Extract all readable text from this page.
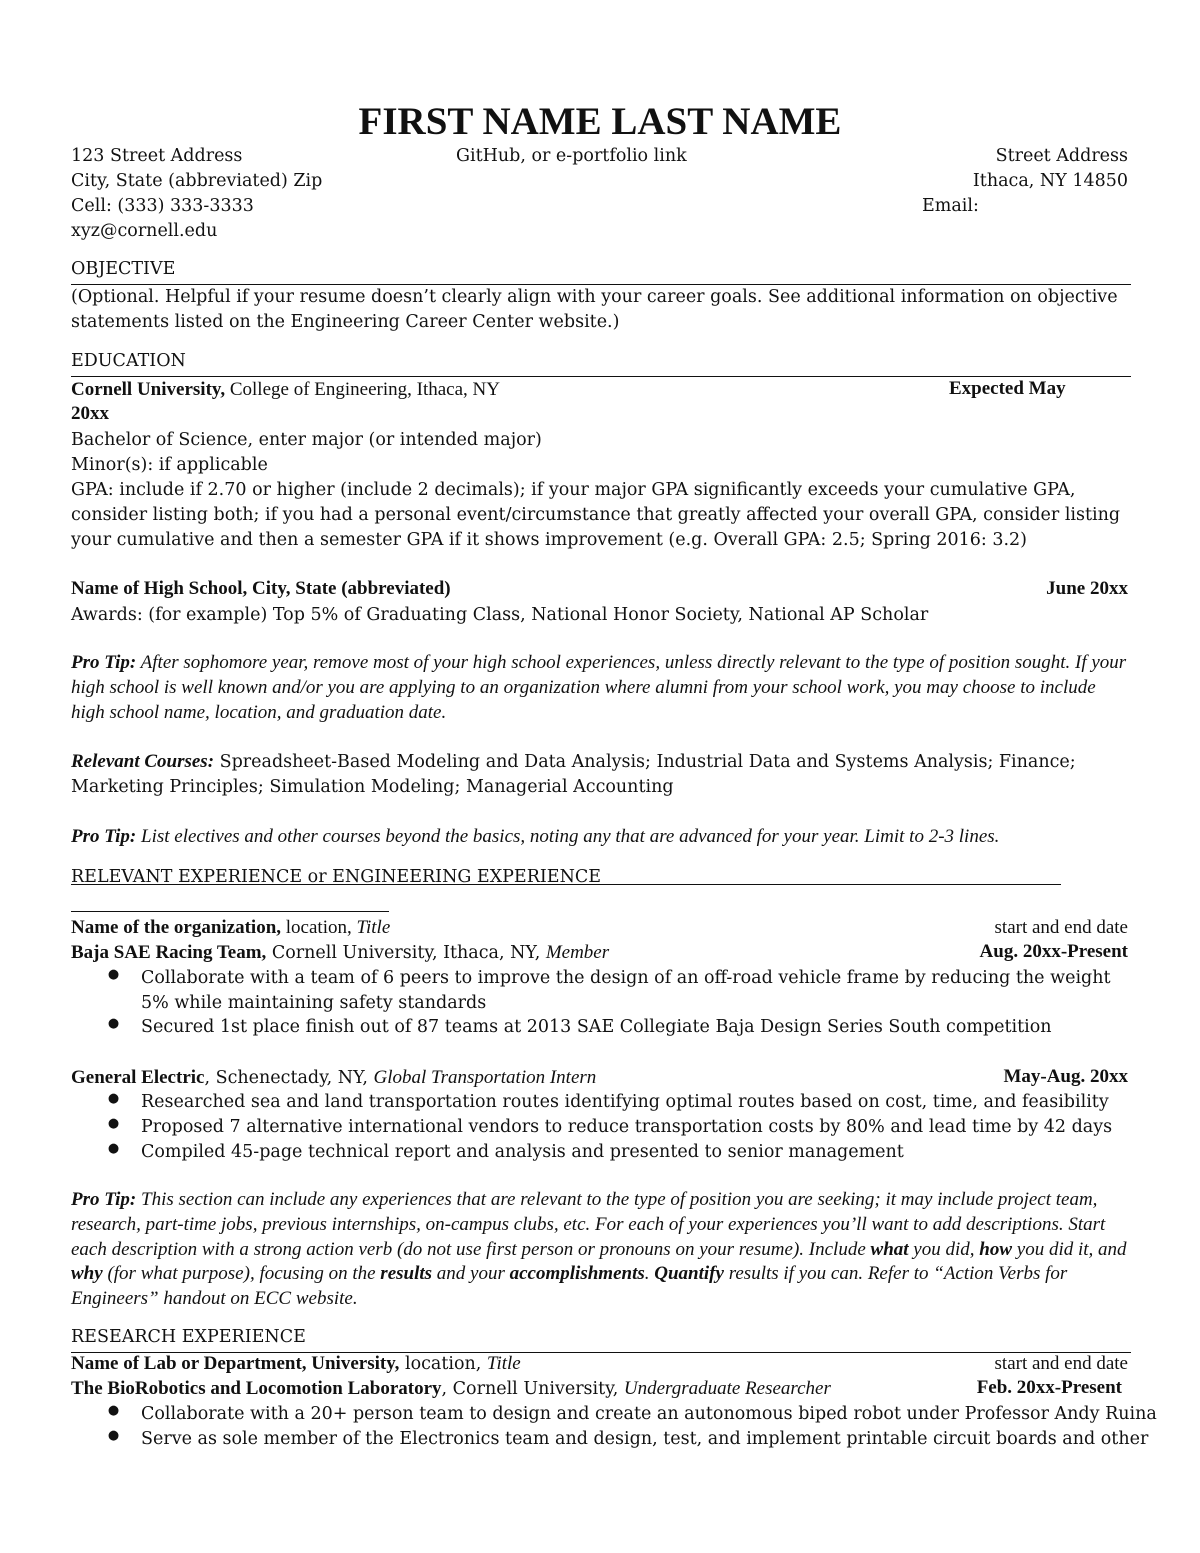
FIRST NAME LAST NAME
123 Street Address
City, State (abbreviated) Zip
Cell: (333) 333-3333
xyz@cornell.edu
GitHub, or e-portfolio link	Street Address
Ithaca, NY 14850
Email:
OBJECTIVE
(Optional. Helpful if your resume doesn’t clearly align with your career goals. See additional information on objective statements listed on the Engineering Career Center website.)
EDUCATION
Cornell University, College of Engineering, Ithaca, NY	Expected May
20xx
Bachelor of Science, enter major (or intended major)
Minor(s): if applicable
GPA: include if 2.70 or higher (include 2 decimals); if your major GPA significantly exceeds your cumulative GPA, consider listing both; if you had a personal event/circumstance that greatly affected your overall GPA, consider listing your cumulative and then a semester GPA if it shows improvement (e.g. Overall GPA: 2.5; Spring 2016: 3.2)
Name of High School, City, State (abbreviated)	June 20xx
Awards: (for example) Top 5% of Graduating Class, National Honor Society, National AP Scholar
Pro Tip: After sophomore year, remove most of your high school experiences, unless directly relevant to the type of position sought. If your high school is well known and/or you are applying to an organization where alumni from your school work, you may choose to include high school name, location, and graduation date.
Relevant Courses: Spreadsheet-Based Modeling and Data Analysis; Industrial Data and Systems Analysis; Finance; Marketing Principles; Simulation Modeling; Managerial Accounting
Pro Tip: List electives and other courses beyond the basics, noting any that are advanced for your year. Limit to 2-3 lines.
RELEVANT EXPERIENCE or ENGINEERING EXPERIENCE
Name of the organization, location, Title	start and end date
Baja SAE Racing Team, Cornell University, Ithaca, NY, Member	Aug. 20xx-Present
● Collaborate with a team of 6 peers to improve the design of an off-road vehicle frame by reducing the weight 5% while maintaining safety standards
● Secured 1st place finish out of 87 teams at 2013 SAE Collegiate Baja Design Series South competition
General Electric, Schenectady, NY, Global Transportation Intern	May-Aug. 20xx
● Researched sea and land transportation routes identifying optimal routes based on cost, time, and feasibility
● Proposed 7 alternative international vendors to reduce transportation costs by 80% and lead time by 42 days
● Compiled 45-page technical report and analysis and presented to senior management
Pro Tip: This section can include any experiences that are relevant to the type of position you are seeking; it may include project team, research, part-time jobs, previous internships, on-campus clubs, etc. For each of your experiences you’ll want to add descriptions. Start each description with a strong action verb (do not use first person or pronouns on your resume). Include what you did, how you did it, and why (for what purpose), focusing on the results and your accomplishments. Quantify results if you can. Refer to “Action Verbs for Engineers” handout on ECC website.
RESEARCH EXPERIENCE
Name of Lab or Department, University, location, Title	start and end date
The BioRobotics and Locomotion Laboratory, Cornell University, Undergraduate Researcher	Feb. 20xx-Present
● Collaborate with a 20+ person team to design and create an autonomous biped robot under Professor Andy Ruina
● Serve as sole member of the Electronics team and design, test, and implement printable circuit boards and other
